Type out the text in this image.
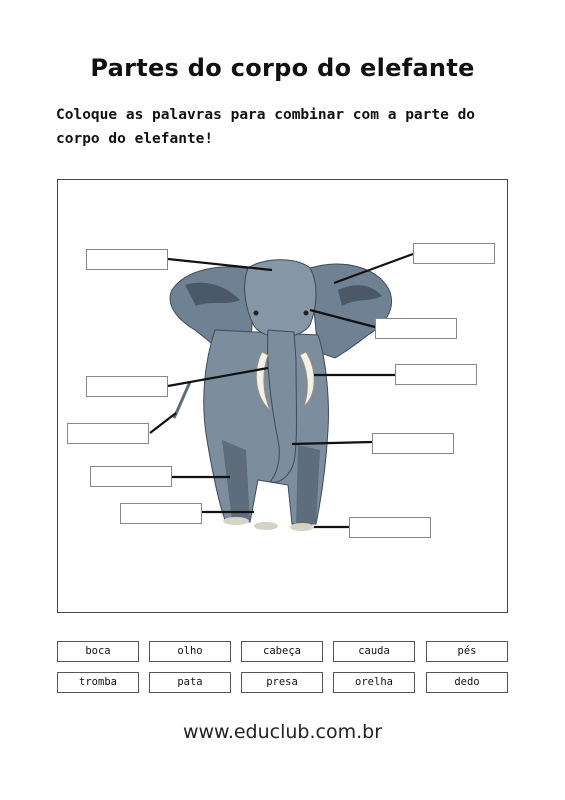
Partes do corpo do elefante
Coloque as palavras para combinar com a parte do corpo do elefante!
boca	olho	cabeça	cauda	pés
tromba	pata	presa	orelha	dedo
www.educlub.com.br
